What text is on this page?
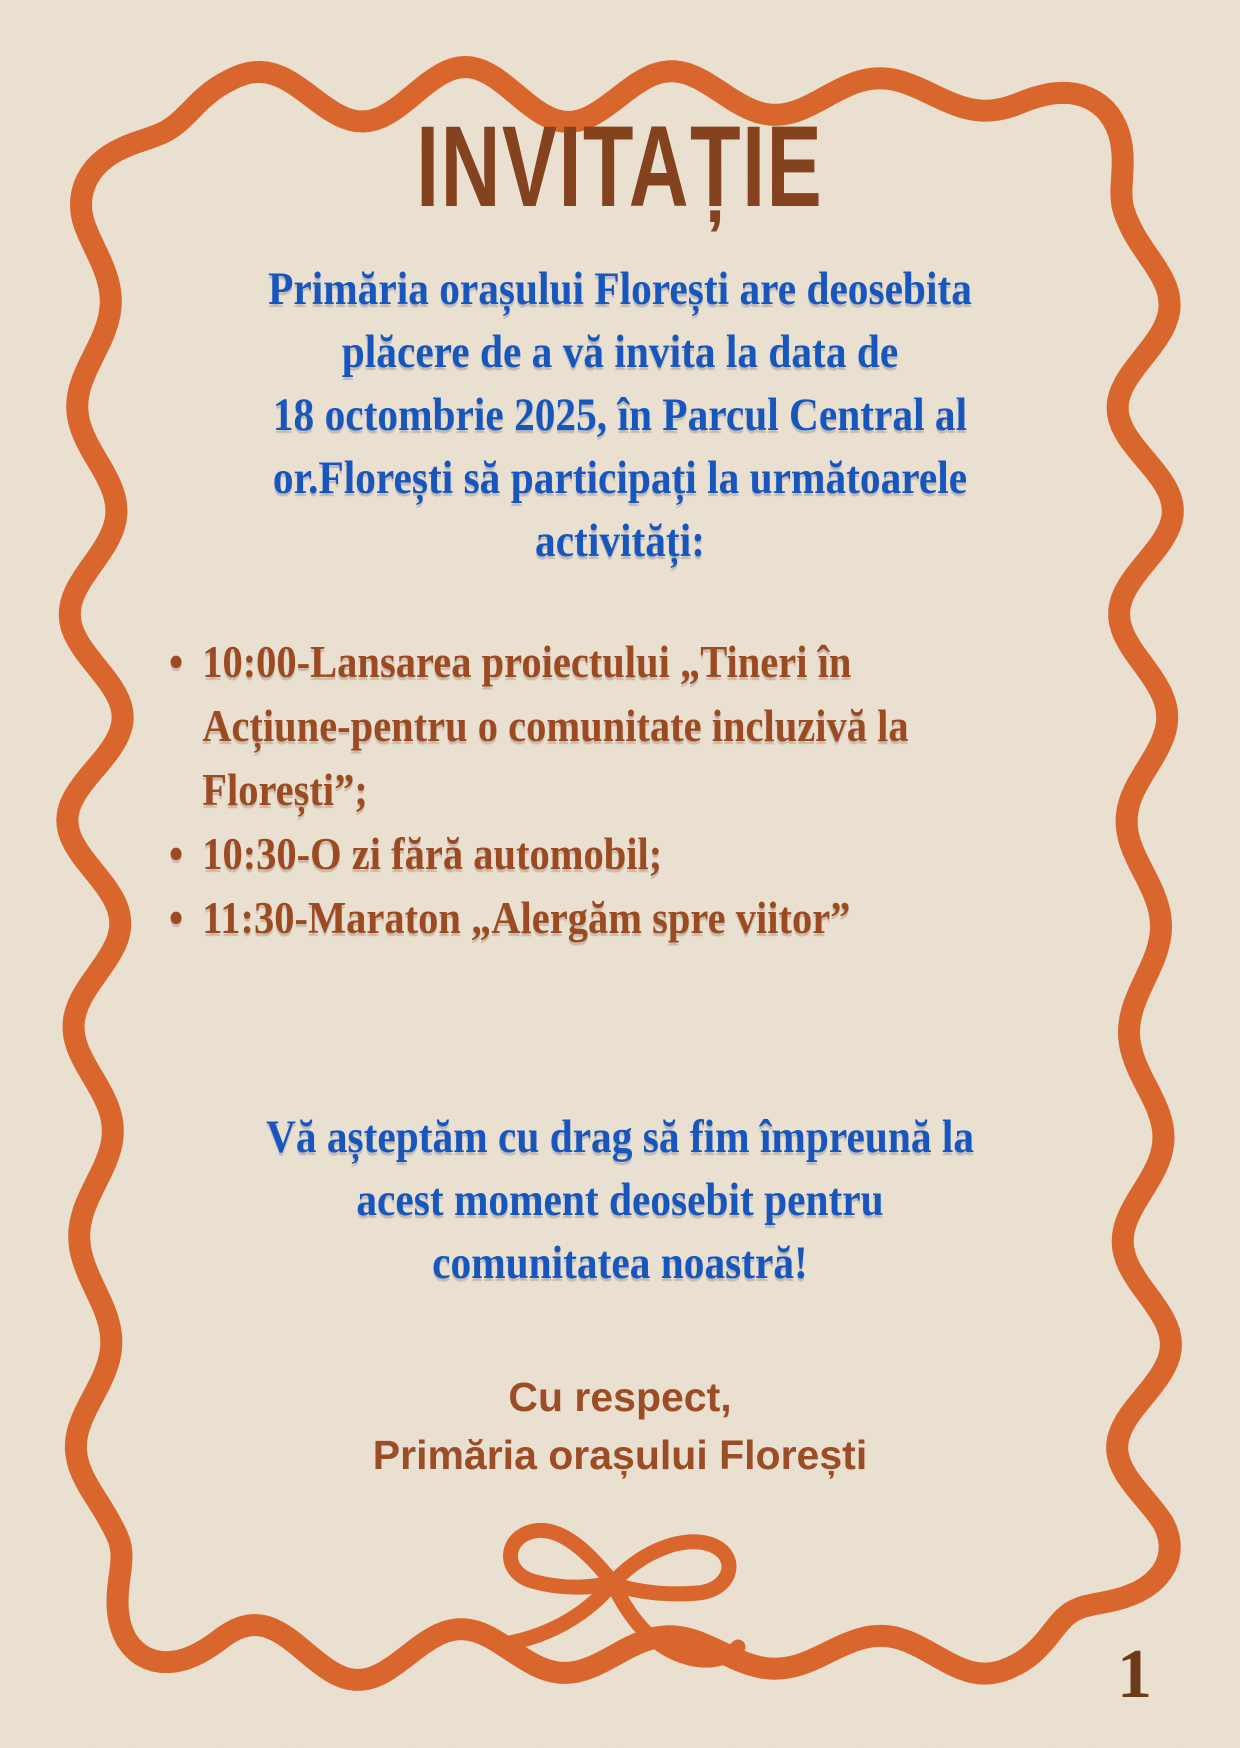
INVITAȚIE
Primăria orașului Florești are deosebita
plăcere de a vă invita la data de
18 octombrie 2025, în Parcul Central al
or.Florești să participați la următoarele
activități:
• 10:00-Lansarea proiectului „Tineri în Acțiune-pentru o comunitate incluzivă la Florești”;
• 10:30-O zi fără automobil;
• 11:30-Maraton „Alergăm spre viitor”
Vă așteptăm cu drag să fim împreună la
acest moment deosebit pentru
comunitatea noastră!
Cu respect,
Primăria orașului Florești
1
